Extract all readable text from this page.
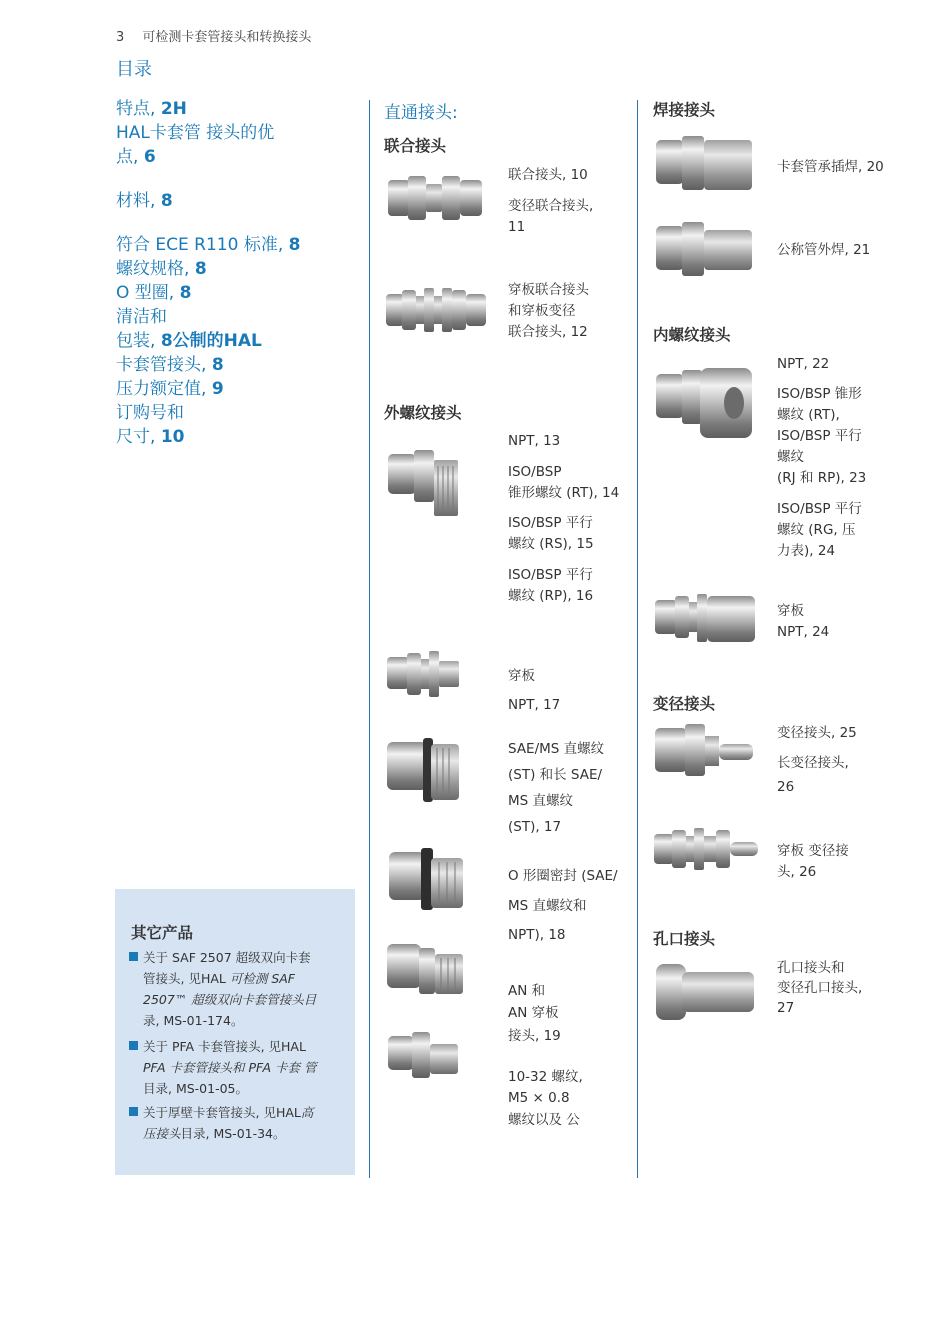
3 可检测卡套管接头和转换接头
目录
特点, 2H
HAL卡套管 接头的优
点, 6
材料, 8
符合 ECE R110 标准, 8
螺纹规格, 8
O 型圈, 8
清洁和
包装, 8公制的HAL
卡套管接头, 8
压力额定值, 9
订购号和
尺寸, 10
直通接头:
联合接头
联合接头, 10
变径联合接头,
11
穿板联合接头
和穿板变径
联合接头, 12
外螺纹接头
NPT, 13
ISO/BSP
锥形螺纹 (RT), 14
ISO/BSP 平行
螺纹 (RS), 15
ISO/BSP 平行
螺纹 (RP), 16
穿板
NPT, 17
SAE/MS 直螺纹
(ST) 和长 SAE/
MS 直螺纹
(ST), 17
O 形圈密封 (SAE/
MS 直螺纹和
NPT), 18
AN 和
AN 穿板
接头, 19
10-32 螺纹,
M5 × 0.8
螺纹以及 公
焊接接头
卡套管承插焊, 20
公称管外焊, 21
内螺纹接头
NPT, 22
ISO/BSP 锥形
螺纹 (RT),
ISO/BSP 平行
螺纹
(RJ 和 RP), 23
ISO/BSP 平行
螺纹 (RG, 压
力表), 24
穿板
NPT, 24
变径接头
变径接头, 25
长变径接头,
26
穿板 变径接
头, 26
孔口接头
孔口接头和
变径孔口接头,
27
其它产品
关于 SAF 2507 超级双向卡套
管接头, 见HAL 可检测 SAF
2507™ 超级双向卡套管接头目
录, MS-01-174。
关于 PFA 卡套管接头, 见HAL
PFA 卡套管接头和 PFA 卡套 管
目录, MS-01-05。
关于厚壁卡套管接头, 见HAL高
压接头目录, MS-01-34。
